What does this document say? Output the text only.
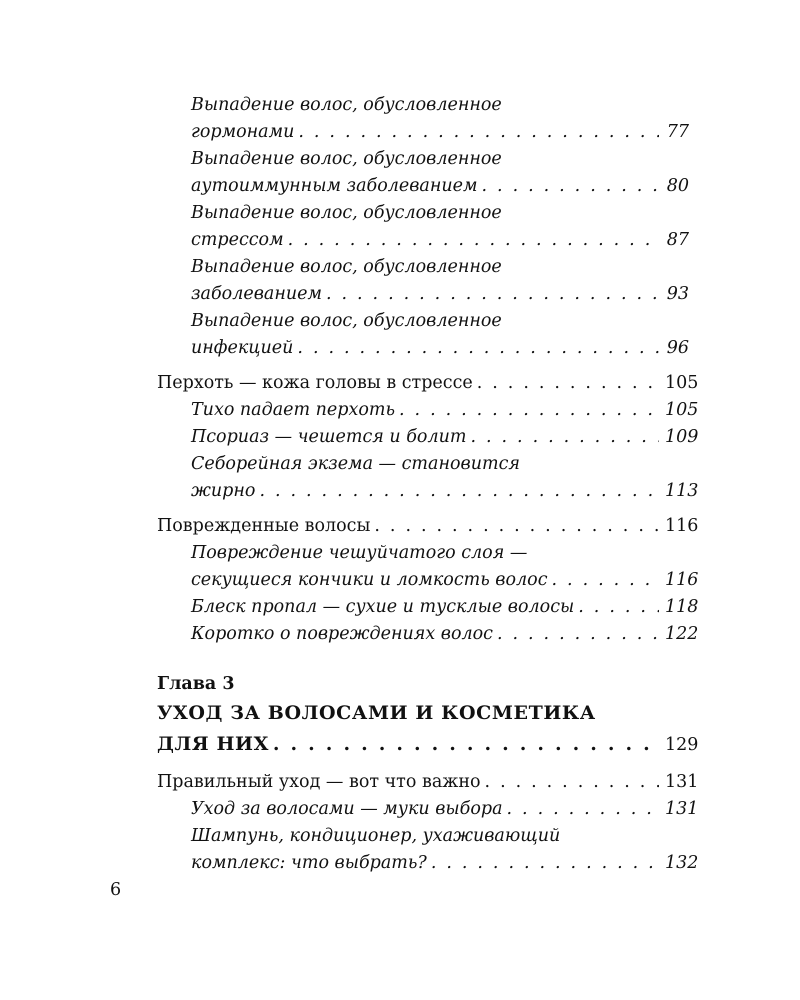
Выпадение волос, обусловленное
гормонами . . .	77
Выпадение волос, обусловленное
аутоиммунным заболеванием . . .	80
Выпадение волос, обусловленное
стрессом . . .	87
Выпадение волос, обусловленное
заболеванием . . .	93
Выпадение волос, обусловленное
инфекцией . . .	96
Перхоть — кожа головы в стрессе . . .	105
Тихо падает перхоть . . .	105
Псориаз — чешется и болит . . .	109
Себорейная экзема — становится
жирно . . .	113
Поврежденные волосы . . .	116
Повреждение чешуйчатого слоя —
секущиеся кончики и ломкость волос . . .	116
Блеск пропал — сухие и тусклые волосы . . .	118
Коротко о повреждениях волос . . .	122
Глава 3
УХОД ЗА ВОЛОСАМИ И КОСМЕТИКА
ДЛЯ НИХ . . .	129
Правильный уход — вот что важно . . .	131
Уход за волосами — муки выбора . . .	131
Шампунь, кондиционер, ухаживающий
комплекс: что выбрать? . . .	132
6
